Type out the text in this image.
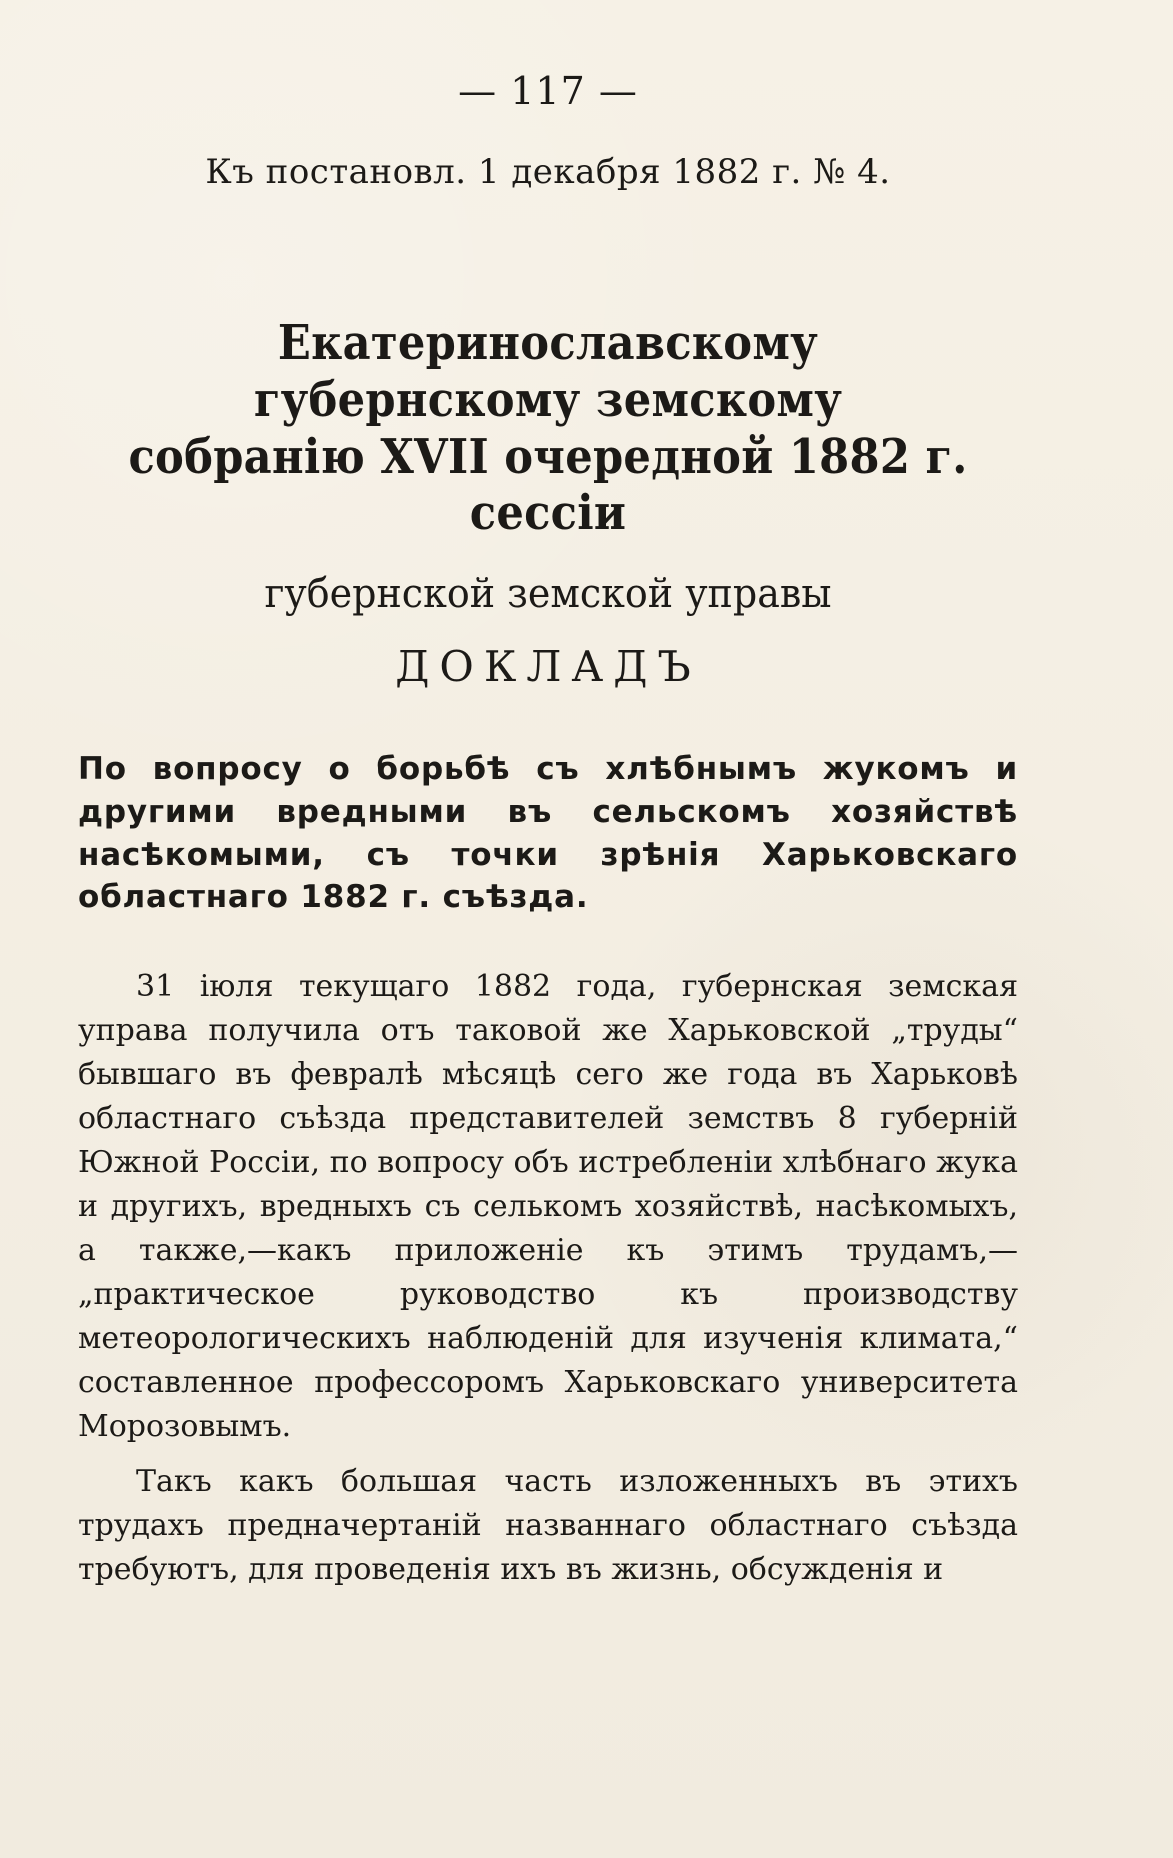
— 117 —
Къ постановл. 1 декабря 1882 г. № 4.
Екатеринославскому губернскому земскому
собранію XVII очередной 1882 г. сессіи
губернской земской управы
ДОКЛАДЪ
По вопросу о борьбѣ съ хлѣбнымъ жукомъ и другими вредными въ сельскомъ хозяйствѣ насѣкомыми, съ точки зрѣнія Харьковскаго областнаго 1882 г. съѣзда.

31 іюля текущаго 1882 года, губернская земская управа получила отъ таковой же Харьковской „труды“ бывшаго въ февралѣ мѣсяцѣ сего же года въ Харьковѣ областнаго съѣзда представителей земствъ 8 губерній Южной Россіи, по вопросу объ истребленіи хлѣбнаго жука и другихъ, вредныхъ съ селькомъ хозяйствѣ, насѣкомыхъ, а также,—какъ приложеніе къ этимъ трудамъ,—„практическое руководство къ производству метеорологическихъ наблюденій для изученія климата,“ составленное профессоромъ Харьковскаго университета Морозовымъ.

Такъ какъ большая часть изложенныхъ въ этихъ трудахъ предначертаній названнаго областнаго съѣзда требуютъ, для проведенія ихъ въ жизнь, обсужденія и
